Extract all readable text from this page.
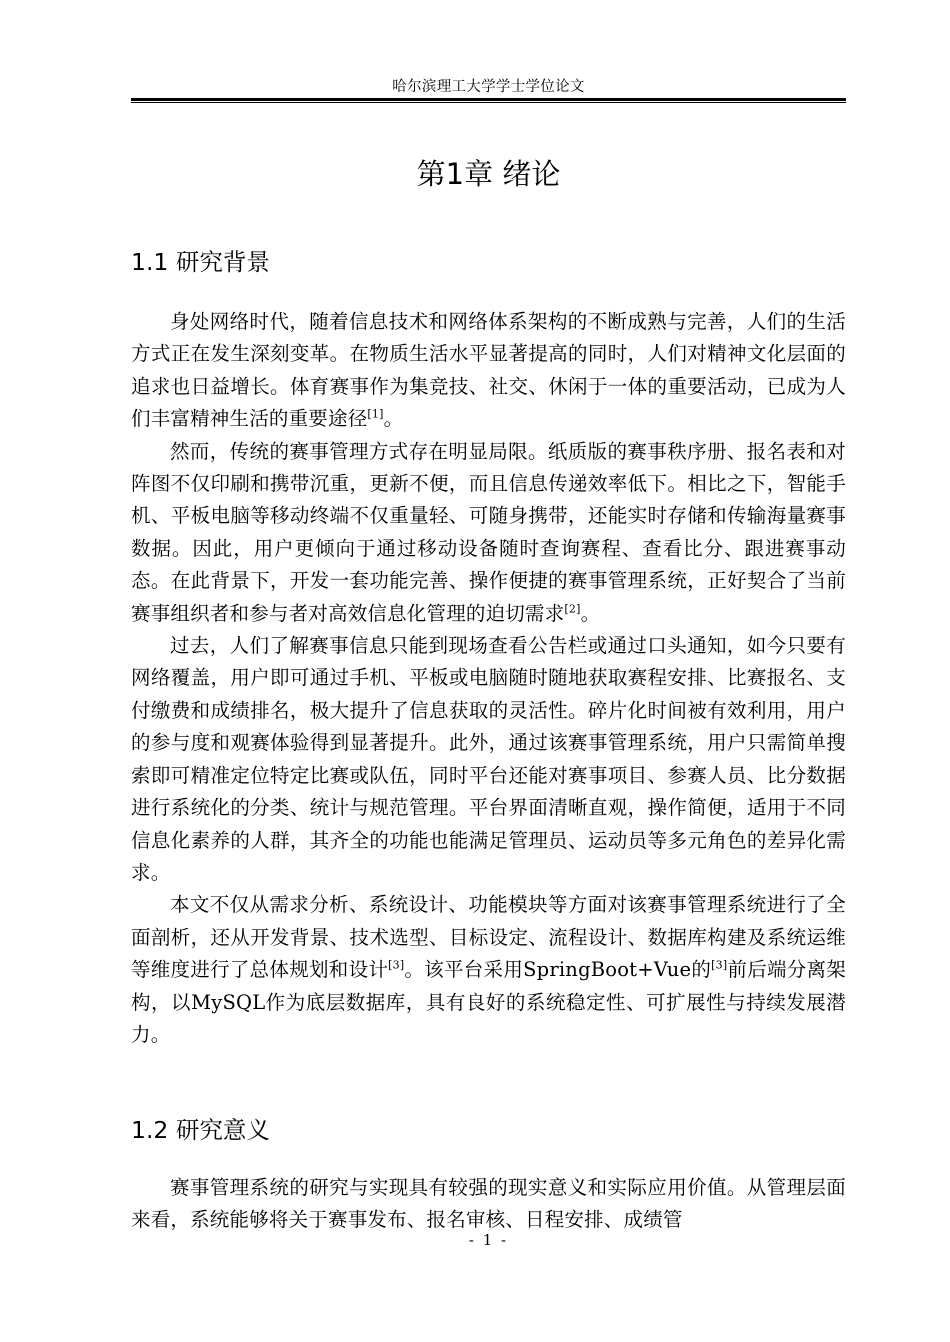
哈尔滨理工大学学士学位论文
第1章 绪论
1.1 研究背景

身处网络时代，随着信息技术和网络体系架构的不断成熟与完善，人们的生活方式正在发生深刻变革。在物质生活水平显著提高的同时，人们对精神文化层面的追求也日益增长。体育赛事作为集竞技、社交、休闲于一体的重要活动，已成为人们丰富精神生活的重要途径[1]。

然而，传统的赛事管理方式存在明显局限。纸质版的赛事秩序册、报名表和对阵图不仅印刷和携带沉重，更新不便，而且信息传递效率低下。相比之下，智能手机、平板电脑等移动终端不仅重量轻、可随身携带，还能实时存储和传输海量赛事数据。因此，用户更倾向于通过移动设备随时查询赛程、查看比分、跟进赛事动态。在此背景下，开发一套功能完善、操作便捷的赛事管理系统，正好契合了当前赛事组织者和参与者对高效信息化管理的迫切需求[2]。

过去，人们了解赛事信息只能到现场查看公告栏或通过口头通知，如今只要有网络覆盖，用户即可通过手机、平板或电脑随时随地获取赛程安排、比赛报名、支付缴费和成绩排名，极大提升了信息获取的灵活性。碎片化时间被有效利用，用户的参与度和观赛体验得到显著提升。此外，通过该赛事管理系统，用户只需简单搜索即可精准定位特定比赛或队伍，同时平台还能对赛事项目、参赛人员、比分数据进行系统化的分类、统计与规范管理。平台界面清晰直观，操作简便，适用于不同信息化素养的人群，其齐全的功能也能满足管理员、运动员等多元角色的差异化需求。

本文不仅从需求分析、系统设计、功能模块等方面对该赛事管理系统进行了全面剖析，还从开发背景、技术选型、目标设定、流程设计、数据库构建及系统运维等维度进行了总体规划和设计[3]。该平台采用SpringBoot+Vue的[3]前后端分离架构，以MySQL作为底层数据库，具有良好的系统稳定性、可扩展性与持续发展潜力。

1.2 研究意义

赛事管理系统的研究与实现具有较强的现实意义和实际应用价值。从管理层面来看，系统能够将关于赛事发布、报名审核、日程安排、成绩管

- 1 -
